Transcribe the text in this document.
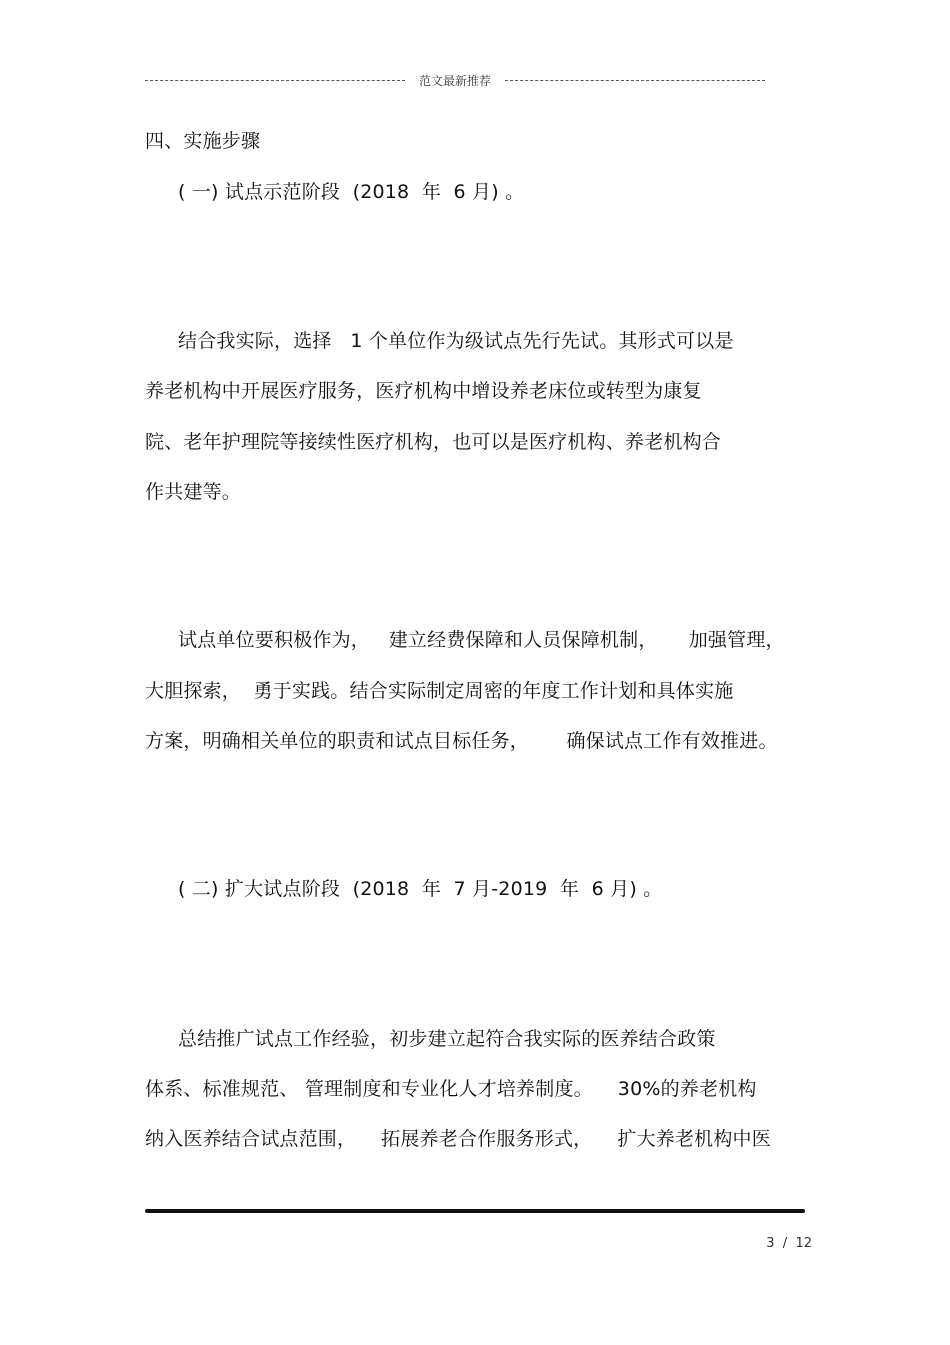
范文最新推荐
四、实施步骤
( 一) 试点示范阶段  (2018  年  6 月) 。
结合我实际，选择   1 个单位作为级试点先行先试。其形式可以是
养老机构中开展医疗服务，医疗机构中增设养老床位或转型为康复
院、老年护理院等接续性医疗机构，也可以是医疗机构、养老机构合
作共建等。
试点单位要积极作为，   建立经费保障和人员保障机制，     加强管理，
大胆探索，  勇于实践。结合实际制定周密的年度工作计划和具体实施
方案，明确相关单位的职责和试点目标任务，      确保试点工作有效推进。
( 二) 扩大试点阶段  (2018  年  7 月-2019  年  6 月) 。
总结推广试点工作经验，初步建立起符合我实际的医养结合政策
体系、标准规范、 管理制度和专业化人才培养制度。    30%的养老机构
纳入医养结合试点范围，    拓展养老合作服务形式，    扩大养老机构中医
3  /  12
